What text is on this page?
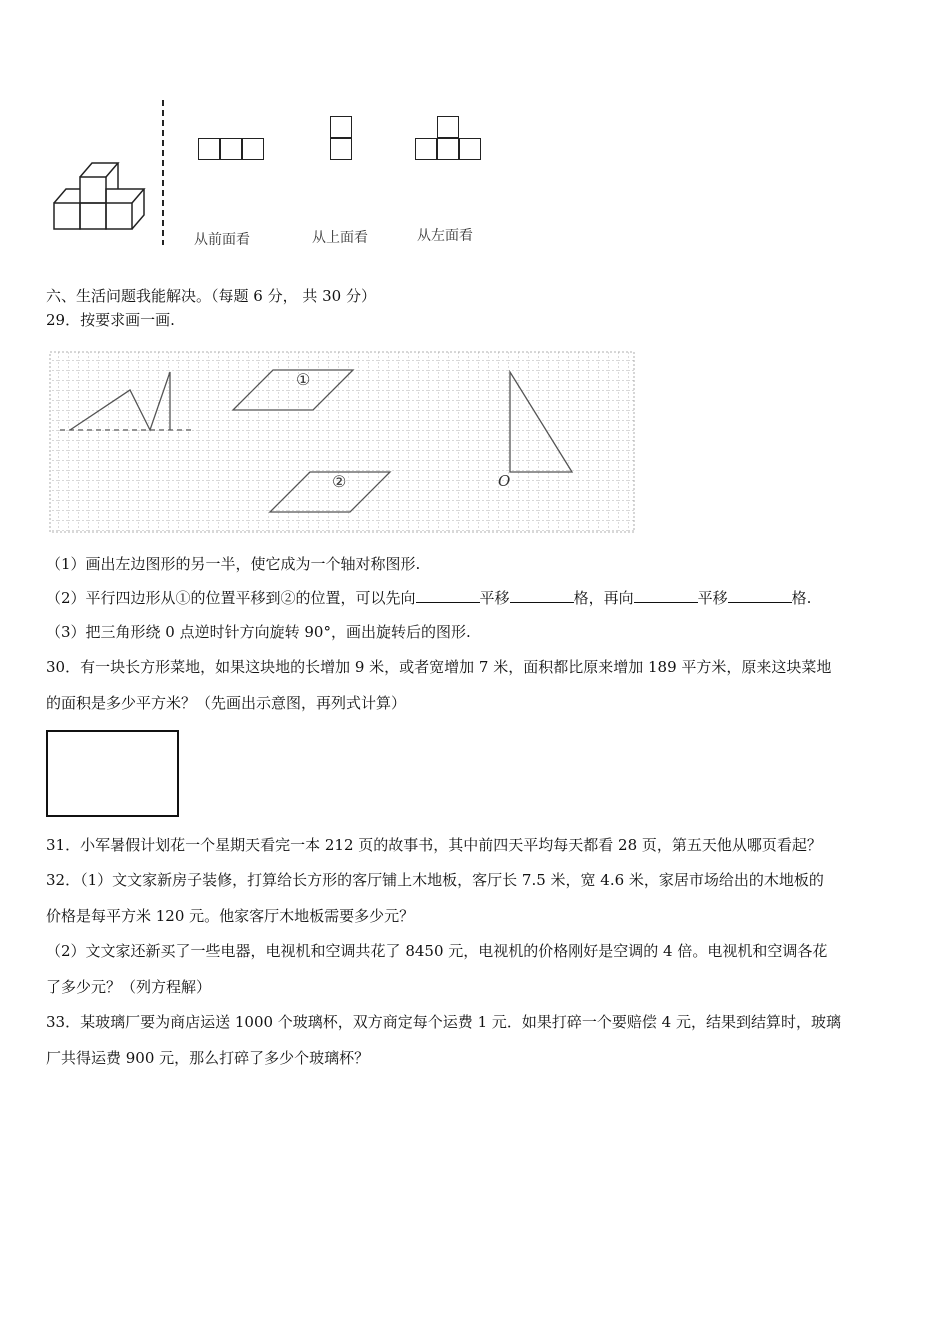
从前面看	从上面看	从左面看
六、生活问题我能解决。（每题 6 分， 共 30 分）
29．按要求画一画.
①
②	O
（1）画出左边图形的另一半，使它成为一个轴对称图形.
（2）平行四边形从①的位置平移到②的位置，可以先向	平移	格，再向	平移	格.
（3）把三角形绕 0 点逆时针方向旋转 90°，画出旋转后的图形.
30．有一块长方形菜地，如果这块地的长增加 9 米，或者宽增加 7 米，面积都比原来增加 189 平方米，原来这块菜地
的面积是多少平方米？（先画出示意图，再列式计算）
31．小军暑假计划花一个星期天看完一本 212 页的故事书，其中前四天平均每天都看 28 页，第五天他从哪页看起？
32．（1）文文家新房子装修，打算给长方形的客厅铺上木地板，客厅长 7.5 米，宽 4.6 米，家居市场给出的木地板的
价格是每平方米 120 元。他家客厅木地板需要多少元？
（2）文文家还新买了一些电器，电视机和空调共花了 8450 元，电视机的价格刚好是空调的 4 倍。电视机和空调各花
了多少元？（列方程解）
33．某玻璃厂要为商店运送 1000 个玻璃杯，双方商定每个运费 1 元．如果打碎一个要赔偿 4 元，结果到结算时，玻璃
厂共得运费 900 元，那么打碎了多少个玻璃杯？
